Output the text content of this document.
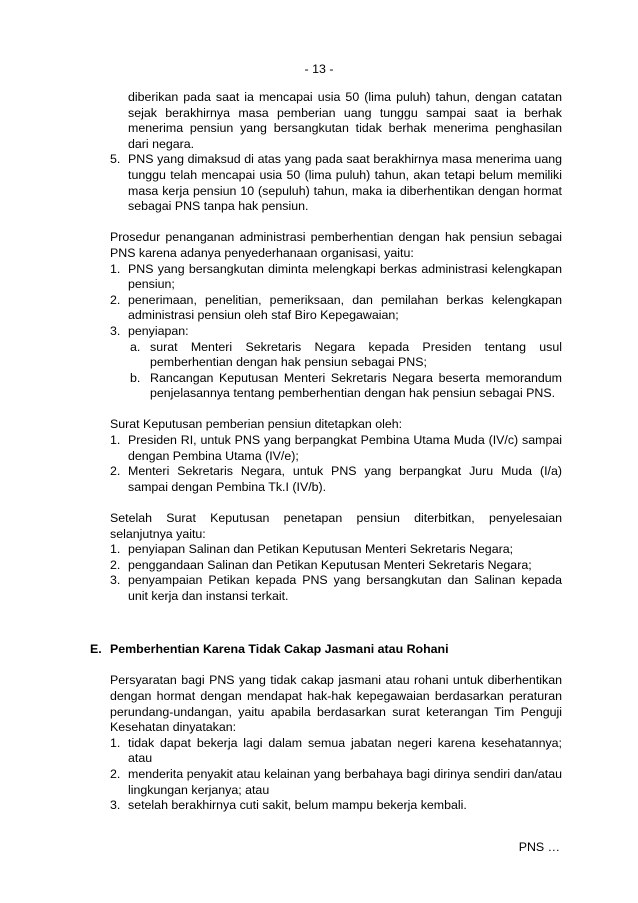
- 13 -
diberikan pada saat ia mencapai usia 50 (lima puluh) tahun, dengan catatan sejak berakhirnya masa pemberian uang tunggu sampai saat ia berhak menerima pensiun yang bersangkutan tidak berhak menerima penghasilan dari negara.
5. PNS yang dimaksud di atas yang pada saat berakhirnya masa menerima uang tunggu telah mencapai usia 50 (lima puluh) tahun, akan tetapi belum memiliki masa kerja pensiun 10 (sepuluh) tahun, maka ia diberhentikan dengan hormat sebagai PNS tanpa hak pensiun.
Prosedur penanganan administrasi pemberhentian dengan hak pensiun sebagai PNS karena adanya penyederhanaan organisasi, yaitu:
1. PNS yang bersangkutan diminta melengkapi berkas administrasi kelengkapan pensiun;
2. penerimaan, penelitian, pemeriksaan, dan pemilahan berkas kelengkapan administrasi pensiun oleh staf Biro Kepegawaian;
3. penyiapan:
a. surat Menteri Sekretaris Negara kepada Presiden tentang usul pemberhentian dengan hak pensiun sebagai PNS;
b. Rancangan Keputusan Menteri Sekretaris Negara beserta memorandum penjelasannya tentang pemberhentian dengan hak pensiun sebagai PNS.
Surat Keputusan pemberian pensiun ditetapkan oleh:
1. Presiden RI, untuk PNS yang berpangkat Pembina Utama Muda (IV/c) sampai dengan Pembina Utama (IV/e);
2. Menteri Sekretaris Negara, untuk PNS yang berpangkat Juru Muda (I/a) sampai dengan Pembina Tk.I (IV/b).
Setelah Surat Keputusan penetapan pensiun diterbitkan, penyelesaian selanjutnya yaitu:
1. penyiapan Salinan dan Petikan Keputusan Menteri Sekretaris Negara;
2. penggandaan Salinan dan Petikan Keputusan Menteri Sekretaris Negara;
3. penyampaian Petikan kepada PNS yang bersangkutan dan Salinan kepada unit kerja dan instansi terkait.
E. Pemberhentian Karena Tidak Cakap Jasmani atau Rohani
Persyaratan bagi PNS yang tidak cakap jasmani atau rohani untuk diberhentikan dengan hormat dengan mendapat hak-hak kepegawaian berdasarkan peraturan perundang-undangan, yaitu apabila berdasarkan surat keterangan Tim Penguji Kesehatan dinyatakan:
1. tidak dapat bekerja lagi dalam semua jabatan negeri karena kesehatannya; atau
2. menderita penyakit atau kelainan yang berbahaya bagi dirinya sendiri dan/atau lingkungan kerjanya; atau
3. setelah berakhirnya cuti sakit, belum mampu bekerja kembali.
PNS …
